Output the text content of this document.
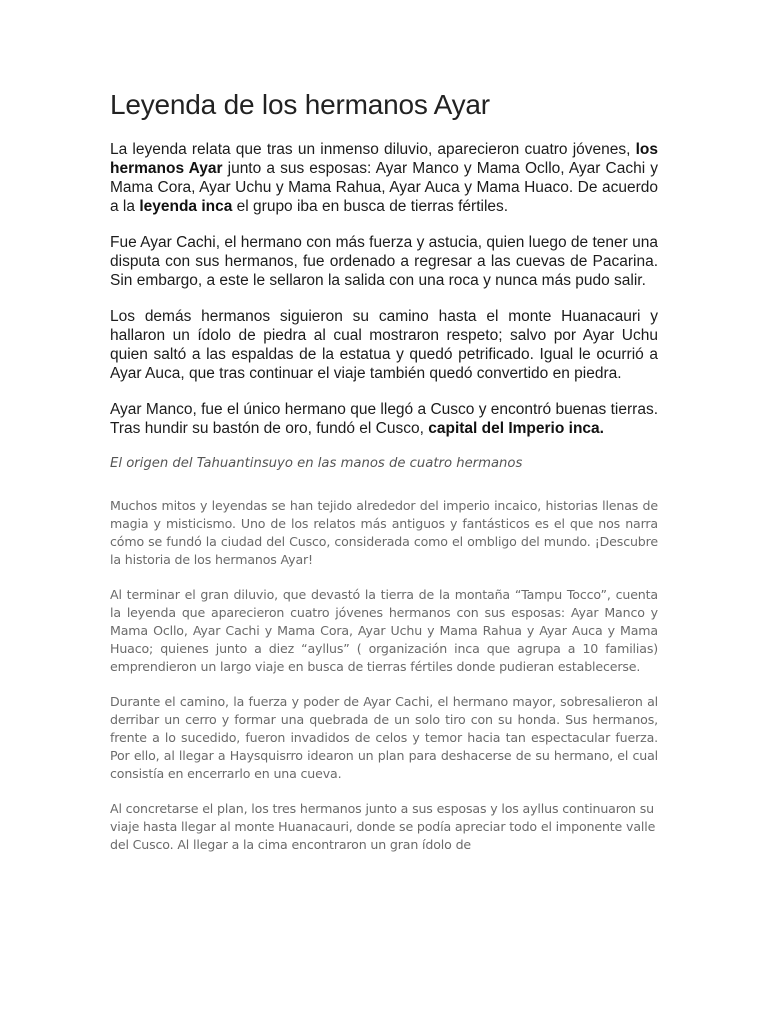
Leyenda de los hermanos Ayar

La leyenda relata que tras un inmenso diluvio, aparecieron cuatro jóvenes, los hermanos Ayar junto a sus esposas: Ayar Manco y Mama Ocllo, Ayar Cachi y Mama Cora, Ayar Uchu y Mama Rahua, Ayar Auca y Mama Huaco. De acuerdo a la leyenda inca el grupo iba en busca de tierras fértiles.

Fue Ayar Cachi, el hermano con más fuerza y astucia, quien luego de tener una disputa con sus hermanos, fue ordenado a regresar a las cuevas de Pacarina. Sin embargo, a este le sellaron la salida con una roca y nunca más pudo salir.

Los demás hermanos siguieron su camino hasta el monte Huanacauri y hallaron un ídolo de piedra al cual mostraron respeto; salvo por Ayar Uchu quien saltó a las espaldas de la estatua y quedó petrificado. Igual le ocurrió a Ayar Auca, que tras continuar el viaje también quedó convertido en piedra.

Ayar Manco, fue el único hermano que llegó a Cusco y encontró buenas tierras. Tras hundir su bastón de oro, fundó el Cusco, capital del Imperio inca.

El origen del Tahuantinsuyo en las manos de cuatro hermanos

Muchos mitos y leyendas se han tejido alrededor del imperio incaico, historias llenas de magia y misticismo. Uno de los relatos más antiguos y fantásticos es el que nos narra cómo se fundó la ciudad del Cusco, considerada como el ombligo del mundo. ¡Descubre la historia de los hermanos Ayar!

Al terminar el gran diluvio, que devastó la tierra de la montaña “Tampu Tocco”, cuenta la leyenda que aparecieron cuatro jóvenes hermanos con sus esposas: Ayar Manco y Mama Ocllo, Ayar Cachi y Mama Cora, Ayar Uchu y Mama Rahua y Ayar Auca y Mama Huaco; quienes junto a diez “ayllus” ( organización inca que agrupa a 10 familias) emprendieron un largo viaje en busca de tierras fértiles donde pudieran establecerse.

Durante el camino, la fuerza y poder de Ayar Cachi, el hermano mayor, sobresalieron al derribar un cerro y formar una quebrada de un solo tiro con su honda. Sus hermanos, frente a lo sucedido, fueron invadidos de celos y temor hacia tan espectacular fuerza. Por ello, al llegar a Haysquisrro idearon un plan para deshacerse de su hermano, el cual consistía en encerrarlo en una cueva.

Al concretarse el plan, los tres hermanos junto a sus esposas y los ayllus continuaron su viaje hasta llegar al monte Huanacauri, donde se podía apreciar todo el imponente valle del Cusco. Al llegar a la cima encontraron un gran ídolo de
